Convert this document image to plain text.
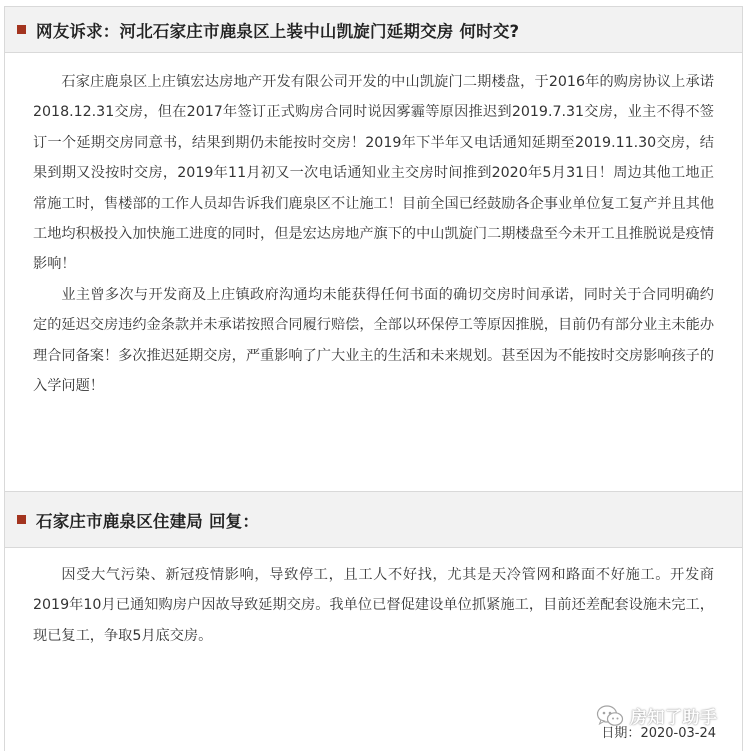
网友诉求：河北石家庄市鹿泉区上装中山凯旋门延期交房 何时交?

石家庄鹿泉区上庄镇宏达房地产开发有限公司开发的中山凯旋门二期楼盘，于2016年的购房协议上承诺2018.12.31交房，但在2017年签订正式购房合同时说因雾霾等原因推迟到2019.7.31交房，业主不得不签订一个延期交房同意书，结果到期仍未能按时交房！2019年下半年又电话通知延期至2019.11.30交房，结果到期又没按时交房，2019年11月初又一次电话通知业主交房时间推到2020年5月31日！周边其他工地正常施工时，售楼部的工作人员却告诉我们鹿泉区不让施工！目前全国已经鼓励各企事业单位复工复产并且其他工地均积极投入加快施工进度的同时，但是宏达房地产旗下的中山凯旋门二期楼盘至今未开工且推脱说是疫情影响！

业主曾多次与开发商及上庄镇政府沟通均未能获得任何书面的确切交房时间承诺，同时关于合同明确约定的延迟交房违约金条款并未承诺按照合同履行赔偿，全部以环保停工等原因推脱，目前仍有部分业主未能办理合同备案！多次推迟延期交房，严重影响了广大业主的生活和未来规划。甚至因为不能按时交房影响孩子的入学问题！

石家庄市鹿泉区住建局 回复：

因受大气污染、新冠疫情影响，导致停工，且工人不好找，尤其是天冷管网和路面不好施工。开发商2019年10月已通知购房户因故导致延期交房。我单位已督促建设单位抓紧施工，目前还差配套设施未完工，现已复工，争取5月底交房。

日期：2020-03-24
房知了助手
